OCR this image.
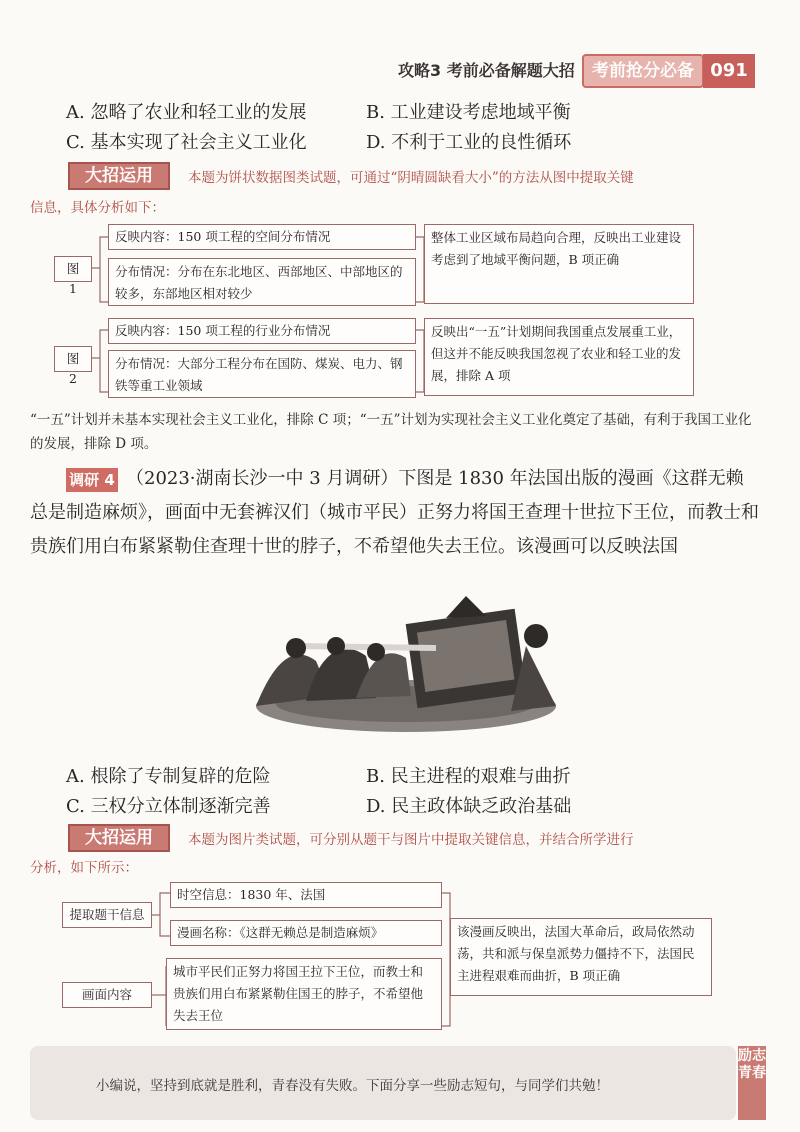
攻略3 考前必备解题大招	考前抢分必备 091
A. 忽略了农业和轻工业的发展	B. 工业建设考虑地域平衡
C. 基本实现了社会主义工业化	D. 不利于工业的良性循环
大招运用	本题为饼状数据图类试题，可通过“阴晴圆缺看大小”的方法从图中提取关键
信息，具体分析如下：
图 1
反映内容：150 项工程的空间分布情况
分布情况：分布在东北地区、西部地区、中部地区的较多，东部地区相对较少
整体工业区域布局趋向合理，反映出工业建设考虑到了地域平衡问题，B 项正确
图 2
反映内容：150 项工程的行业分布情况
分布情况：大部分工程分布在国防、煤炭、电力、钢铁等重工业领域
反映出“一五”计划期间我国重点发展重工业，但这并不能反映我国忽视了农业和轻工业的发展，排除 A 项
“一五”计划并未基本实现社会主义工业化，排除 C 项；“一五”计划为实现社会主义工业化奠定了基础，有利于我国工业化的发展，排除 D 项。
调研 4 （2023·湖南长沙一中 3 月调研）下图是 1830 年法国出版的漫画《这群无赖总是制造麻烦》，画面中无套裤汉们（城市平民）正努力将国王查理十世拉下王位，而教士和贵族们用白布紧紧勒住查理十世的脖子，不希望他失去王位。该漫画可以反映法国
A. 根除了专制复辟的危险	B. 民主进程的艰难与曲折
C. 三权分立体制逐渐完善	D. 民主政体缺乏政治基础
大招运用	本题为图片类试题，可分别从题干与图片中提取关键信息，并结合所学进行
分析，如下所示：
提取题干信息
时空信息：1830 年、法国
漫画名称：《这群无赖总是制造麻烦》
画面内容
城市平民们正努力将国王拉下王位，而教士和贵族们用白布紧紧勒住国王的脖子，不希望他失去王位
该漫画反映出，法国大革命后，政局依然动荡，共和派与保皇派势力僵持不下，法国民主进程艰难而曲折，B 项正确
小编说，坚持到底就是胜利，青春没有失败。下面分享一些励志短句，与同学们共勉！
励志青春
